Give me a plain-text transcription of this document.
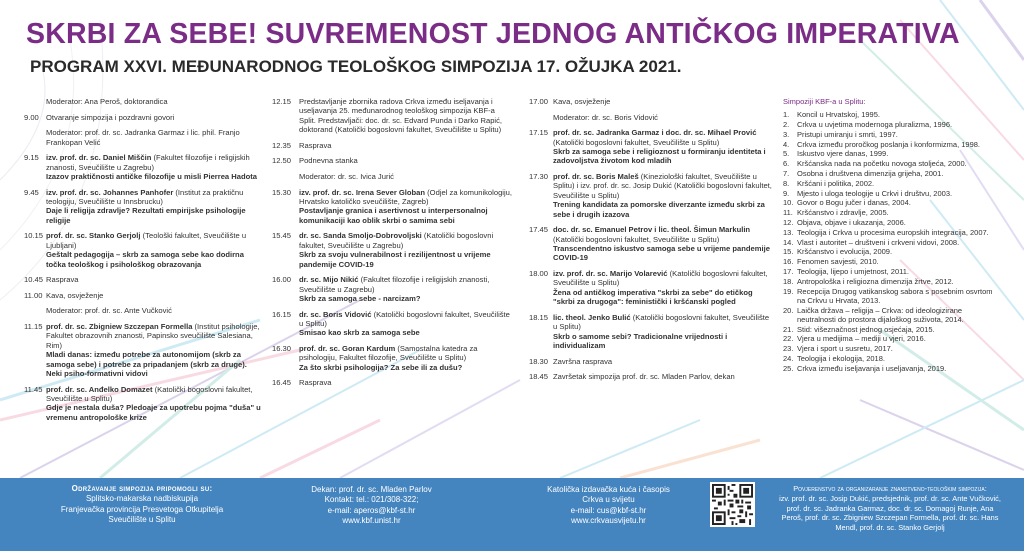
SKRBI ZA SEBE! SUVREMENOST JEDNOG ANTIČKOG IMPERATIVA
PROGRAM XXVI. MEĐUNARODNOG TEOLOŠKOG SIMPOZIJA 17. OŽUJKA 2021.
Moderator: Ana Peroš, doktorandica
9.00 Otvaranje simpozija i pozdravni govori
Moderator: prof. dr. sc. Jadranka Garmaz i lic. phil. Franjo Frankopan Velić
9.15 izv. prof. dr. sc. Daniel Miščin (Fakultet filozofije i religijskih znanosti, Sveučilište u Zagrebu)
Izazov praktičnosti antičke filozofije u misli Pierrea Hadota
9.45 izv. prof. dr. sc. Johannes Panhofer (Institut za praktičnu teologiju, Sveučilište u Innsbrucku)
Daje li religija zdravlje? Rezultati empirijske psihologije religije
10.15 prof. dr. sc. Stanko Gerjolj (Teološki fakultet, Sveučilište u Ljubljani)
Geštalt pedagogija – skrb za samoga sebe kao dodirna točka teološkog i psihološkog obrazovanja
10.45 Rasprava
11.00 Kava, osvježenje
Moderator: prof. dr. sc. Ante Vučković
11.15 prof. dr. sc. Zbigniew Szczepan Formella (Institut psihologije, Fakultet obrazovnih znanosti, Papinsko sveučilište Salesiana, Rim)
Mladi danas: između potrebe za autonomijom (skrb za samoga sebe) i potrebe za pripadanjem (skrb za druge). Neki psiho-formativni vidovi
11.45 prof. dr. sc. Anđelko Domazet (Katolički bogoslovni fakultet, Sveučilište u Splitu)
Gdje je nestala duša? Pledoaje za upotrebu pojma "duša" u vremenu antropološke krize
12.15	Predstavljanje zbornika radova Crkva između iseljavanja i useljavanja 25. međunarodnog teološkog simpozija KBF-a Split. Predstavljači: doc. dr. sc. Edvard Punda i Darko Rapić, doktorand (Katolički bogoslovni fakultet, Sveučilište u Splitu)
12.35	Rasprava
12.50	Podnevna stanka
Moderator: dr. sc. Ivica Jurić
15.30	izv. prof. dr. sc. Irena Sever Globan (Odjel za komunikologiju, Hrvatsko katoličko sveučilište, Zagreb)
Postavljanje granica i asertivnost u interpersonalnoj komunikaciji kao oblik skrbi o samima sebi
15.45	dr. sc. Sanda Smoljo-Dobrovoljski (Katolički bogoslovni fakultet, Sveučilište u Zagrebu)
Skrb za svoju vulnerabilnost i rezilijentnost u vrijeme pandemije COVID-19
16.00	dr. sc. Mijo Nikić (Fakultet filozofije i religijskih znanosti, Sveučilište u Zagrebu)
Skrb za samoga sebe - narcizam?
16.15	dr. sc. Boris Vidović (Katolički bogoslovni fakultet, Sveučilište u Splitu)
Smisao kao skrb za samoga sebe
16.30	prof. dr. sc. Goran Kardum (Samostalna katedra za psihologiju, Fakultet filozofije, Sveučilište u Splitu)
Za što skrbi psihologija? Za sebe ili za dušu?
16.45	Rasprava
17.00 Kava, osvježenje
Moderator: dr. sc. Boris Vidović
17.15 prof. dr. sc. Jadranka Garmaz i doc. dr. sc. Mihael Prović (Katolički bogoslovni fakultet, Sveučilište u Splitu)
Skrb za samoga sebe i religioznost u formiranju identiteta i zadovoljstva životom kod mladih
17.30 prof. dr. sc. Boris Maleš (Kineziološki fakultet, Sveučilište u Splitu) i izv. prof. dr. sc. Josip Dukić (Katolički bogoslovni fakultet, Sveučilište u Splitu)
Trening kandidata za pomorske diverzante između skrbi za sebe i drugih izazova
17.45 doc. dr. sc. Emanuel Petrov i lic. theol. Šimun Markulin (Katolički bogoslovni fakultet, Sveučilište u Splitu)
Transcendentno iskustvo samoga sebe u vrijeme pandemije COVID-19
18.00 izv. prof. dr. sc. Marijo Volarević (Katolički bogoslovni fakultet, Sveučilište u Splitu)
Žena od antičkog imperativa "skrbi za sebe" do etičkog "skrbi za drugoga": feministički i kršćanski pogled
18.15 lic. theol. Jenko Bulić (Katolički bogoslovni fakultet, Sveučilište u Splitu)
Skrb o samome sebi? Tradicionalne vrijednosti i individualizam
18.30 Završna rasprava
18.45 Završetak simpozija prof. dr. sc. Mladen Parlov, dekan
Simpoziji KBF-a u Splitu:
1.	Koncil u Hrvatskoj, 1995.
2.	Crkva u uvjetima modernoga pluralizma, 1996.
3.	Pristupi umiranju i smrti, 1997.
4.	Crkva između proročkog poslanja i konformizma, 1998.
5.	Iskustvo vjere danas, 1999.
6.	Kršćanska nada na početku novoga stoljeća, 2000.
7.	Osobna i društvena dimenzija grijeha, 2001.
8.	Kršćani i politika, 2002.
9.	Mjesto i uloga teologije u Crkvi i društvu, 2003.
10. Govor o Bogu jučer i danas, 2004.
11. Kršćanstvo i zdravlje, 2005.
12. Objava, objave i ukazanja, 2006.
13. Teologija i Crkva u procesima europskih integracija, 2007.
14. Vlast i autoritet – društveni i crkveni vidovi, 2008.
15. Kršćanstvo i evolucija, 2009.
16. Fenomen savjesti, 2010.
17. Teologija, lijepo i umjetnost, 2011.
18. Antropološka i religiozna dimenzija žrtve, 2012.
19. Recepcija Drugog vatikanskog sabora s posebnim osvrtom na Crkvu u Hrvata, 2013.
20. Laička država – religija – Crkva: od ideologizirane neutralnosti do prostora dijaloškog suživota, 2014.
21. Stid: višeznačnost jednog osjećaja, 2015.
22. Vjera u medijima – mediji u vjeri, 2016.
23. Vjera i sport u susretu, 2017.
24. Teologija i ekologija, 2018.
25. Crkva između iseljavanja i useljavanja, 2019.
Održavanje simpozija pripomogli su:
Splitsko-makarska nadbiskupija
Franjevačka provincija Presvetoga Otkupitelja
Sveučilište u Splitu
Dekan: prof. dr. sc. Mladen Parlov
Kontakt: tel.: 021/308-322;
e-mail: aperos@kbf-st.hr
www.kbf.unist.hr
Katolička izdavačka kuća i časopis
Crkva u svijetu
e-mail: cus@kbf-st.hr
www.crkvausvijetu.hr
Povjerenstvo za organizaranje znanstveno-teološkim simpozija:
izv. prof. dr. sc. Josip Dukić, predsjednik, prof. dr. sc. Ante Vučković, prof. dr. sc. Jadranka Garmaz, doc. dr. sc. Domagoj Runje, Ana Peroš, prof. dr. sc. Zbigniew Szczepan Formella, prof. dr. sc. Hans Mendl, prof. dr. sc. Stanko Gerjolj
